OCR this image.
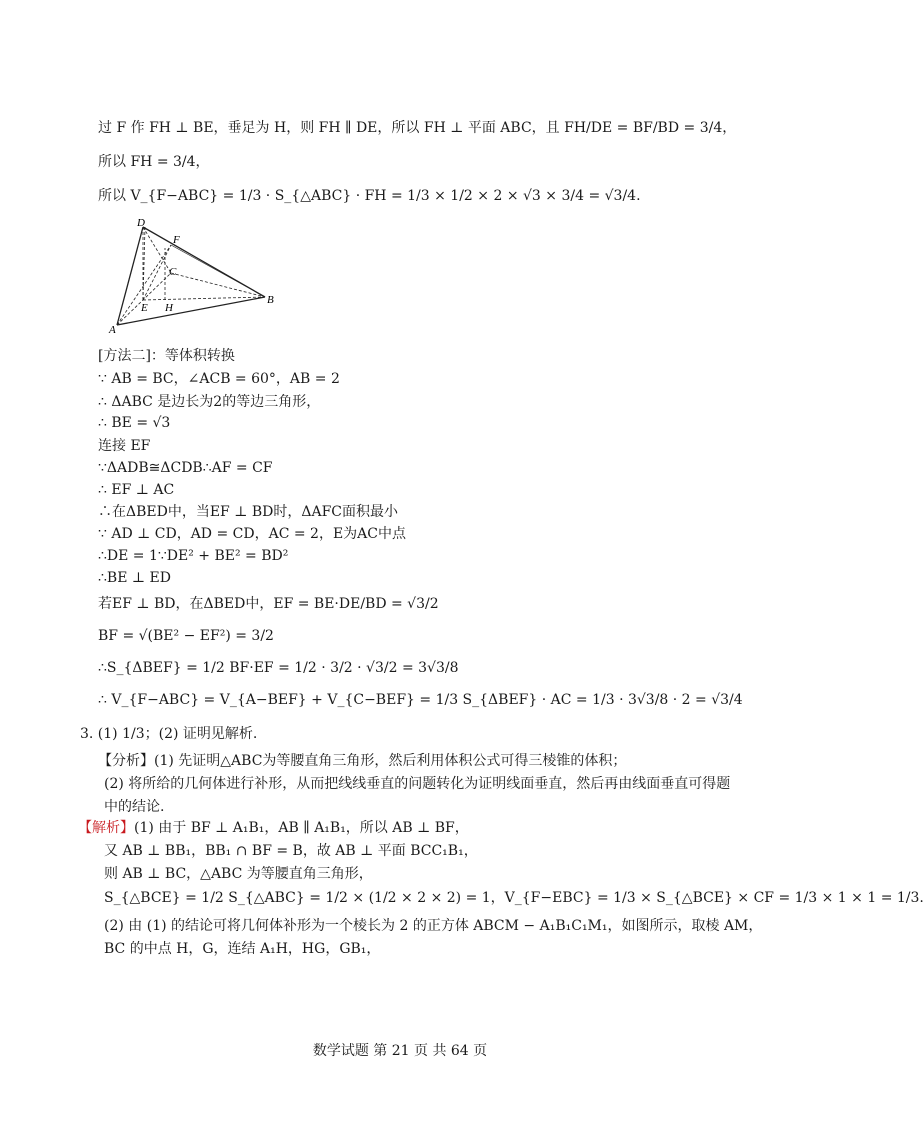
过 F 作 FH ⊥ BE，垂足为 H，则 FH ∥ DE，所以 FH ⊥ 平面 ABC，且 FH/DE = BF/BD = 3/4，
所以 FH = 3/4，
所以 V_{F−ABC} = 1/3 · S_{△ABC} · FH = 1/3 × 1/2 × 2 × √3 × 3/4 = √3/4.
D
F
C
E H
B
A
[方法二]：等体积转换
∵ AB = BC，∠ACB = 60°，AB = 2
∴ ΔABC 是边长为2的等边三角形，
∴ BE = √3
连接 EF
∵ΔADB≅ΔCDB∴AF = CF
∴ EF ⊥ AC
∴在ΔBED中，当EF ⊥ BD时，ΔAFC面积最小
∵ AD ⊥ CD，AD = CD，AC = 2，E为AC中点
∴DE = 1∵DE² + BE² = BD²
∴BE ⊥ ED
若EF ⊥ BD，在ΔBED中，EF = BE·DE/BD = √3/2
BF = √(BE² − EF²) = 3/2
∴S_{ΔBEF} = 1/2 BF·EF = 1/2 · 3/2 · √3/2 = 3√3/8
∴ V_{F−ABC} = V_{A−BEF} + V_{C−BEF} = 1/3 S_{ΔBEF} · AC = 1/3 · 3√3/8 · 2 = √3/4
3. (1) 1/3；(2) 证明见解析.
【分析】(1) 先证明△ABC为等腰直角三角形，然后利用体积公式可得三棱锥的体积；
(2) 将所给的几何体进行补形，从而把线线垂直的问题转化为证明线面垂直，然后再由线面垂直可得题
中的结论.
【解析】(1) 由于 BF ⊥ A₁B₁，AB ∥ A₁B₁，所以 AB ⊥ BF，
又 AB ⊥ BB₁，BB₁ ∩ BF = B，故 AB ⊥ 平面 BCC₁B₁，
则 AB ⊥ BC，△ABC 为等腰直角三角形，
S_{△BCE} = 1/2 S_{△ABC} = 1/2 × (1/2 × 2 × 2) = 1，V_{F−EBC} = 1/3 × S_{△BCE} × CF = 1/3 × 1 × 1 = 1/3.
(2) 由 (1) 的结论可将几何体补形为一个棱长为 2 的正方体 ABCM − A₁B₁C₁M₁，如图所示，取棱 AM，
BC 的中点 H，G，连结 A₁H，HG，GB₁，
数学试题 第 21 页 共 64 页
